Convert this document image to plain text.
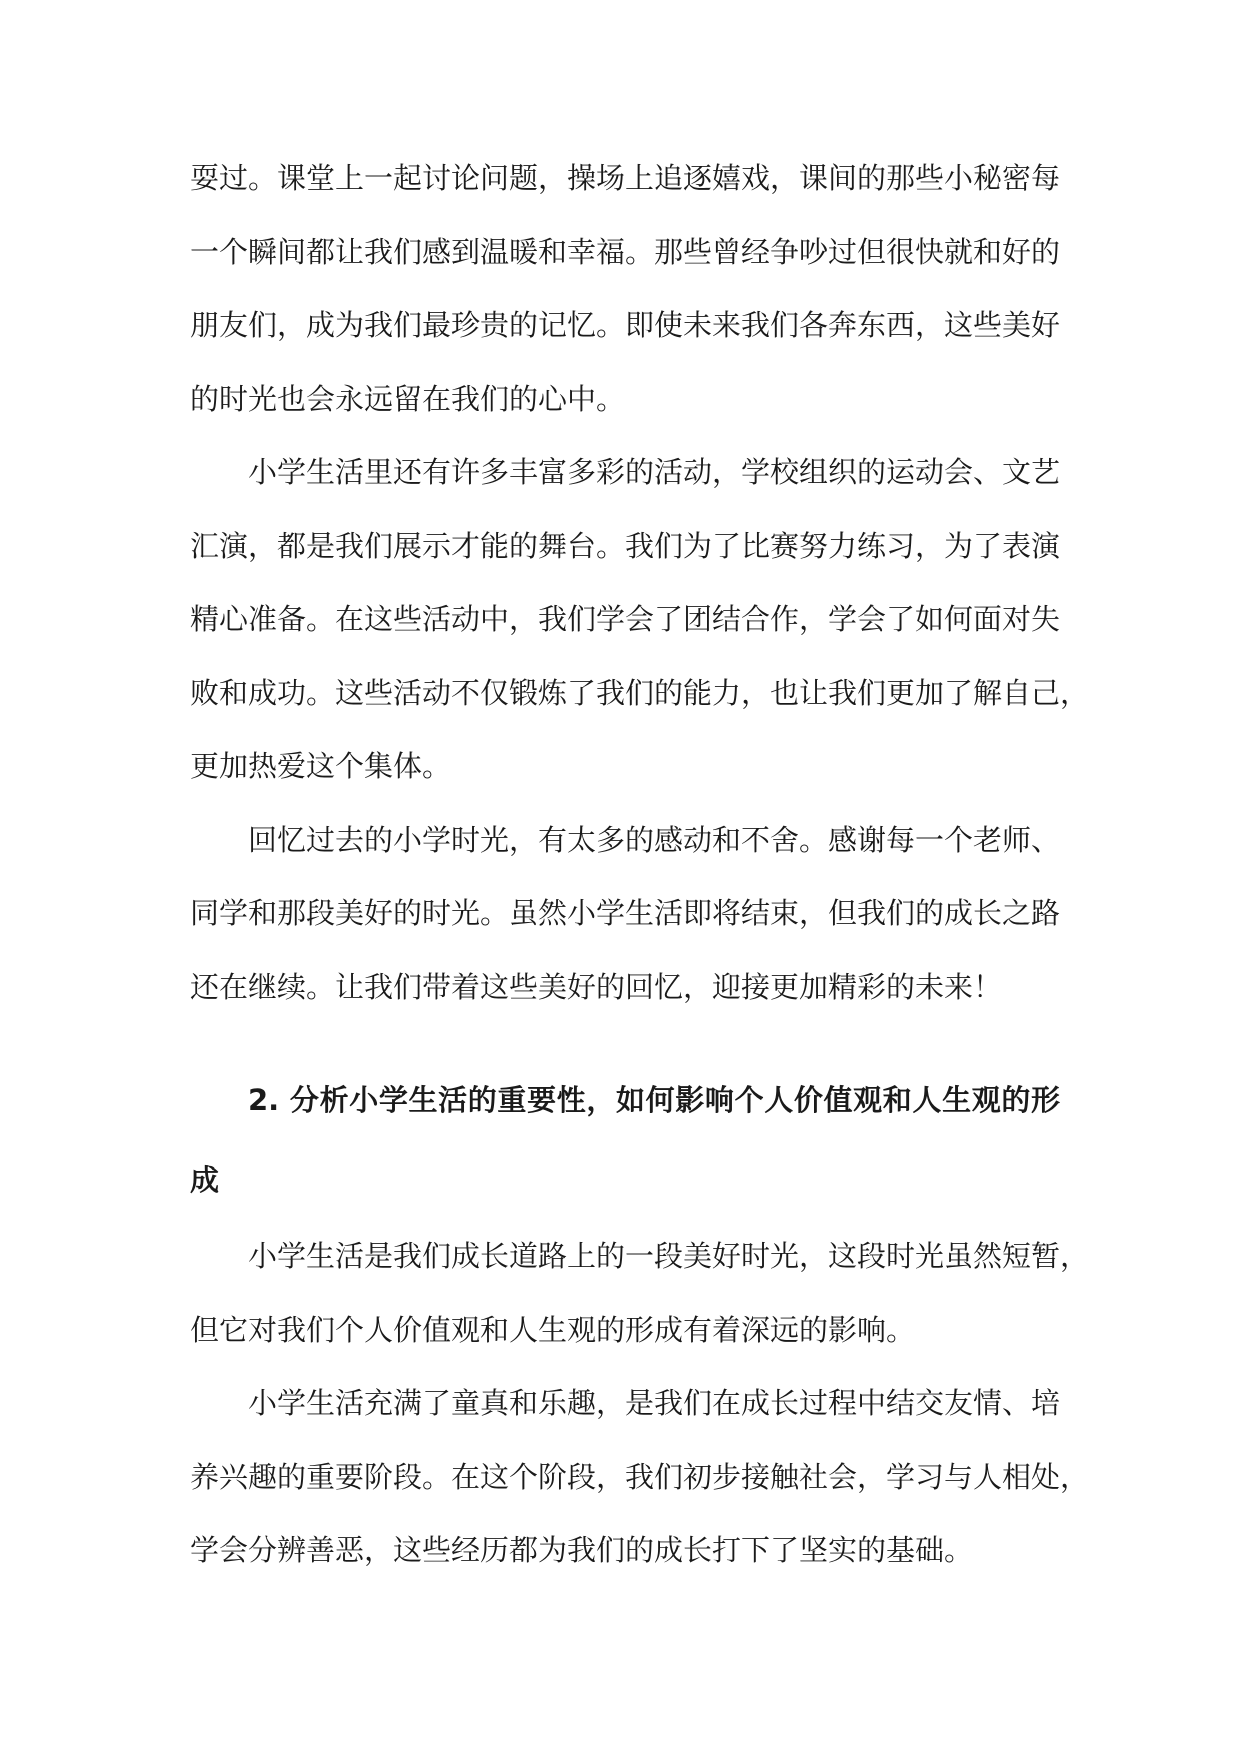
耍过。课堂上一起讨论问题，操场上追逐嬉戏，课间的那些小秘密每
一个瞬间都让我们感到温暖和幸福。那些曾经争吵过但很快就和好的
朋友们，成为我们最珍贵的记忆。即使未来我们各奔东西，这些美好
的时光也会永远留在我们的心中。
小学生活里还有许多丰富多彩的活动，学校组织的运动会、文艺
汇演，都是我们展示才能的舞台。我们为了比赛努力练习，为了表演
精心准备。在这些活动中，我们学会了团结合作，学会了如何面对失
败和成功。这些活动不仅锻炼了我们的能力，也让我们更加了解自己，
更加热爱这个集体。
回忆过去的小学时光，有太多的感动和不舍。感谢每一个老师、
同学和那段美好的时光。虽然小学生活即将结束，但我们的成长之路
还在继续。让我们带着这些美好的回忆，迎接更加精彩的未来！
2. 分析小学生活的重要性，如何影响个人价值观和人生观的形
成
小学生活是我们成长道路上的一段美好时光，这段时光虽然短暂，
但它对我们个人价值观和人生观的形成有着深远的影响。
小学生活充满了童真和乐趣，是我们在成长过程中结交友情、培
养兴趣的重要阶段。在这个阶段，我们初步接触社会，学习与人相处，
学会分辨善恶，这些经历都为我们的成长打下了坚实的基础。
